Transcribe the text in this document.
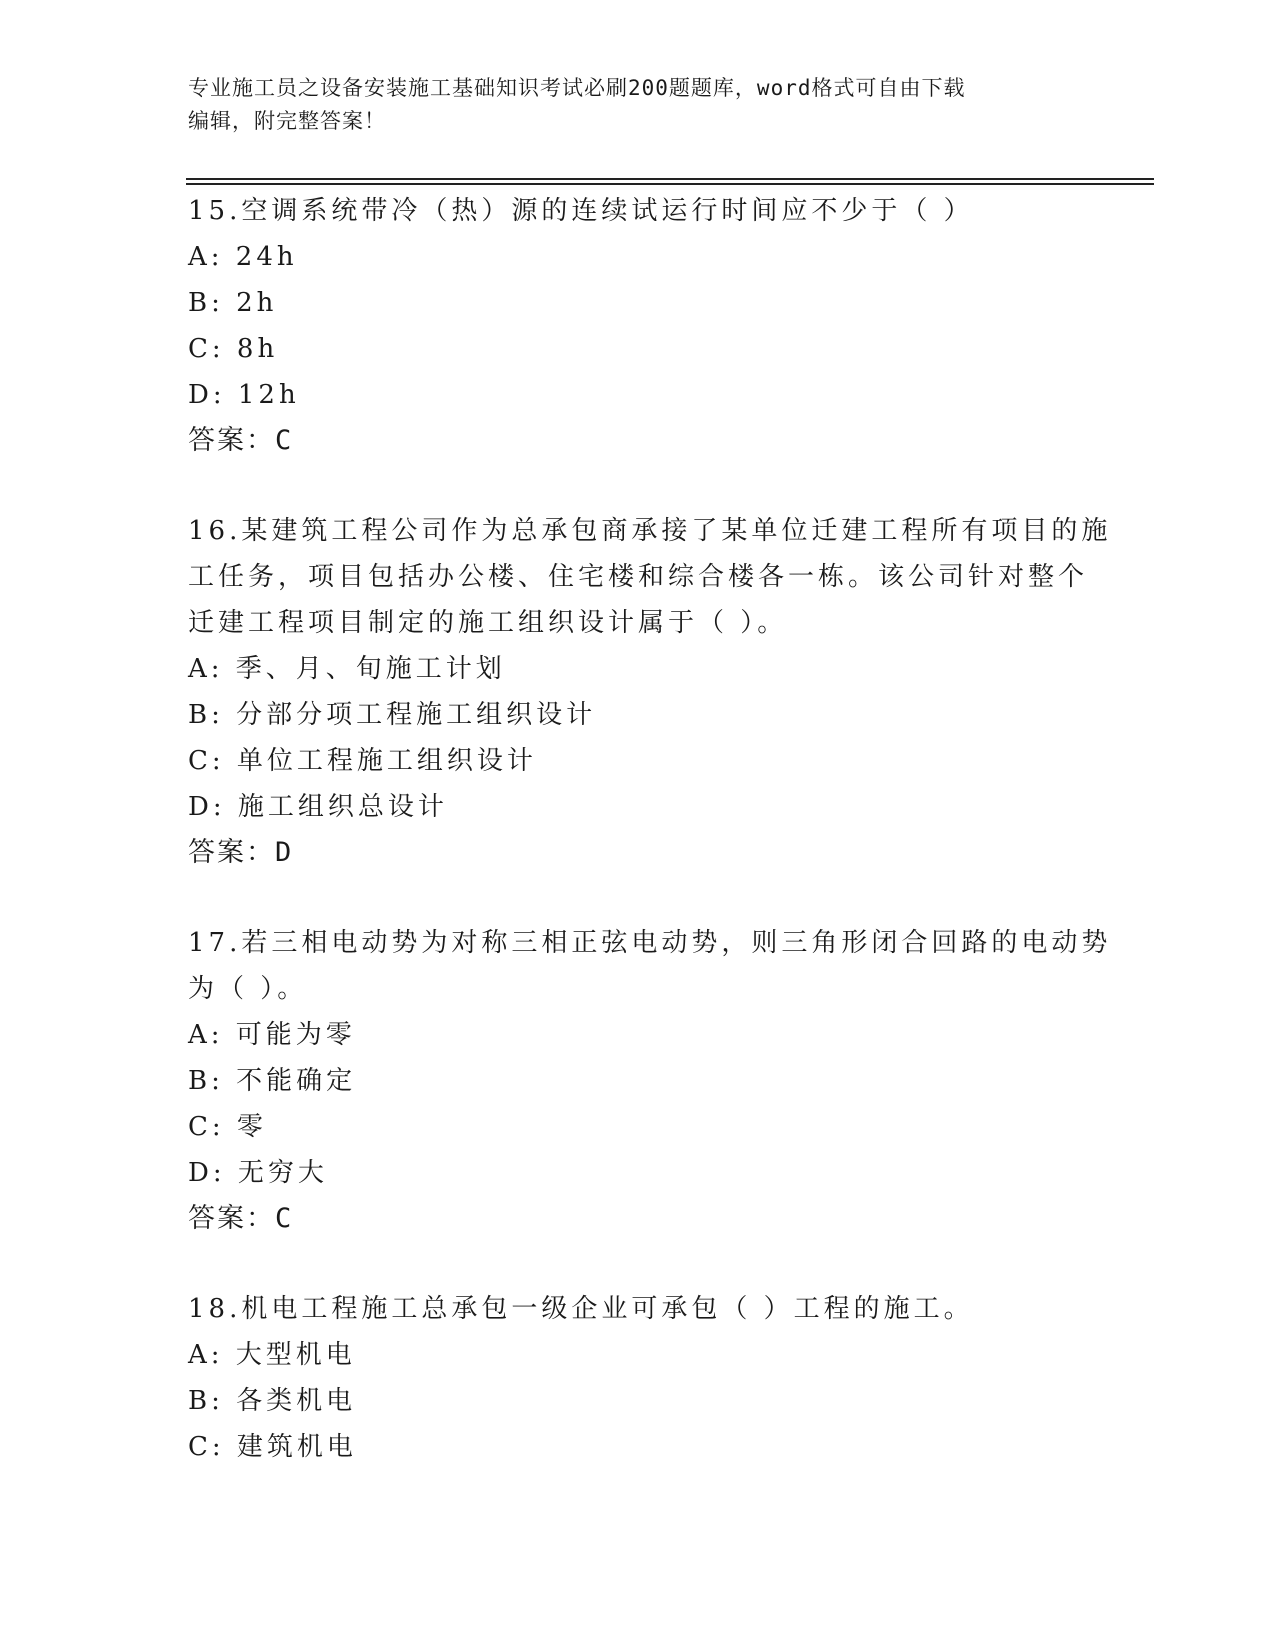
专业施工员之设备安装施工基础知识考试必刷200题题库，word格式可自由下载
编辑，附完整答案！
15.空调系统带冷（热）源的连续试运行时间应不少于（ ）
A: 24h
B: 2h
C: 8h
D: 12h
答案：C
16.某建筑工程公司作为总承包商承接了某单位迁建工程所有项目的施
工任务，项目包括办公楼、住宅楼和综合楼各一栋。该公司针对整个
迁建工程项目制定的施工组织设计属于（ ）。
A: 季、月、旬施工计划
B: 分部分项工程施工组织设计
C: 单位工程施工组织设计
D: 施工组织总设计
答案：D
17.若三相电动势为对称三相正弦电动势，则三角形闭合回路的电动势
为（ ）。
A: 可能为零
B: 不能确定
C: 零
D: 无穷大
答案：C
18.机电工程施工总承包一级企业可承包（ ）工程的施工。
A: 大型机电
B: 各类机电
C: 建筑机电
